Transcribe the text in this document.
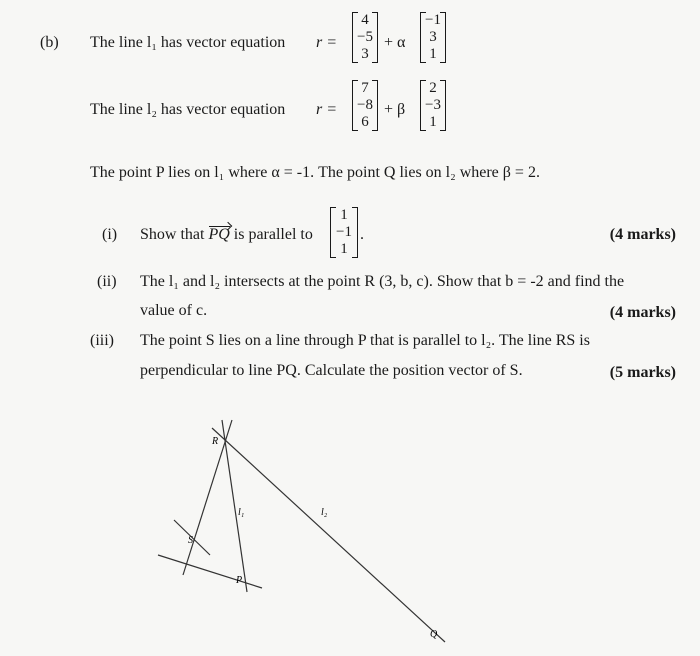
(b) The line l₁ has vector equation r =
4
−5
3
+ α
−1
3
1
The line l₂ has vector equation r =
7
−8
6
+ β
2
−3
1
The point P lies on l₁ where α = -1. The point Q lies on l₂ where β = 2.
(i) Show that PQ is parallel to
1
−1
1
.	(4 marks)
(ii) The l₁ and l₂ intersects at the point R (3, b, c). Show that b = -2 and find the
value of c.	(4 marks)
(iii) The point S lies on a line through P that is parallel to l₂. The line RS is
perpendicular to line PQ. Calculate the position vector of S.	(5 marks)
R
S
P
Q
l₁	l₂
